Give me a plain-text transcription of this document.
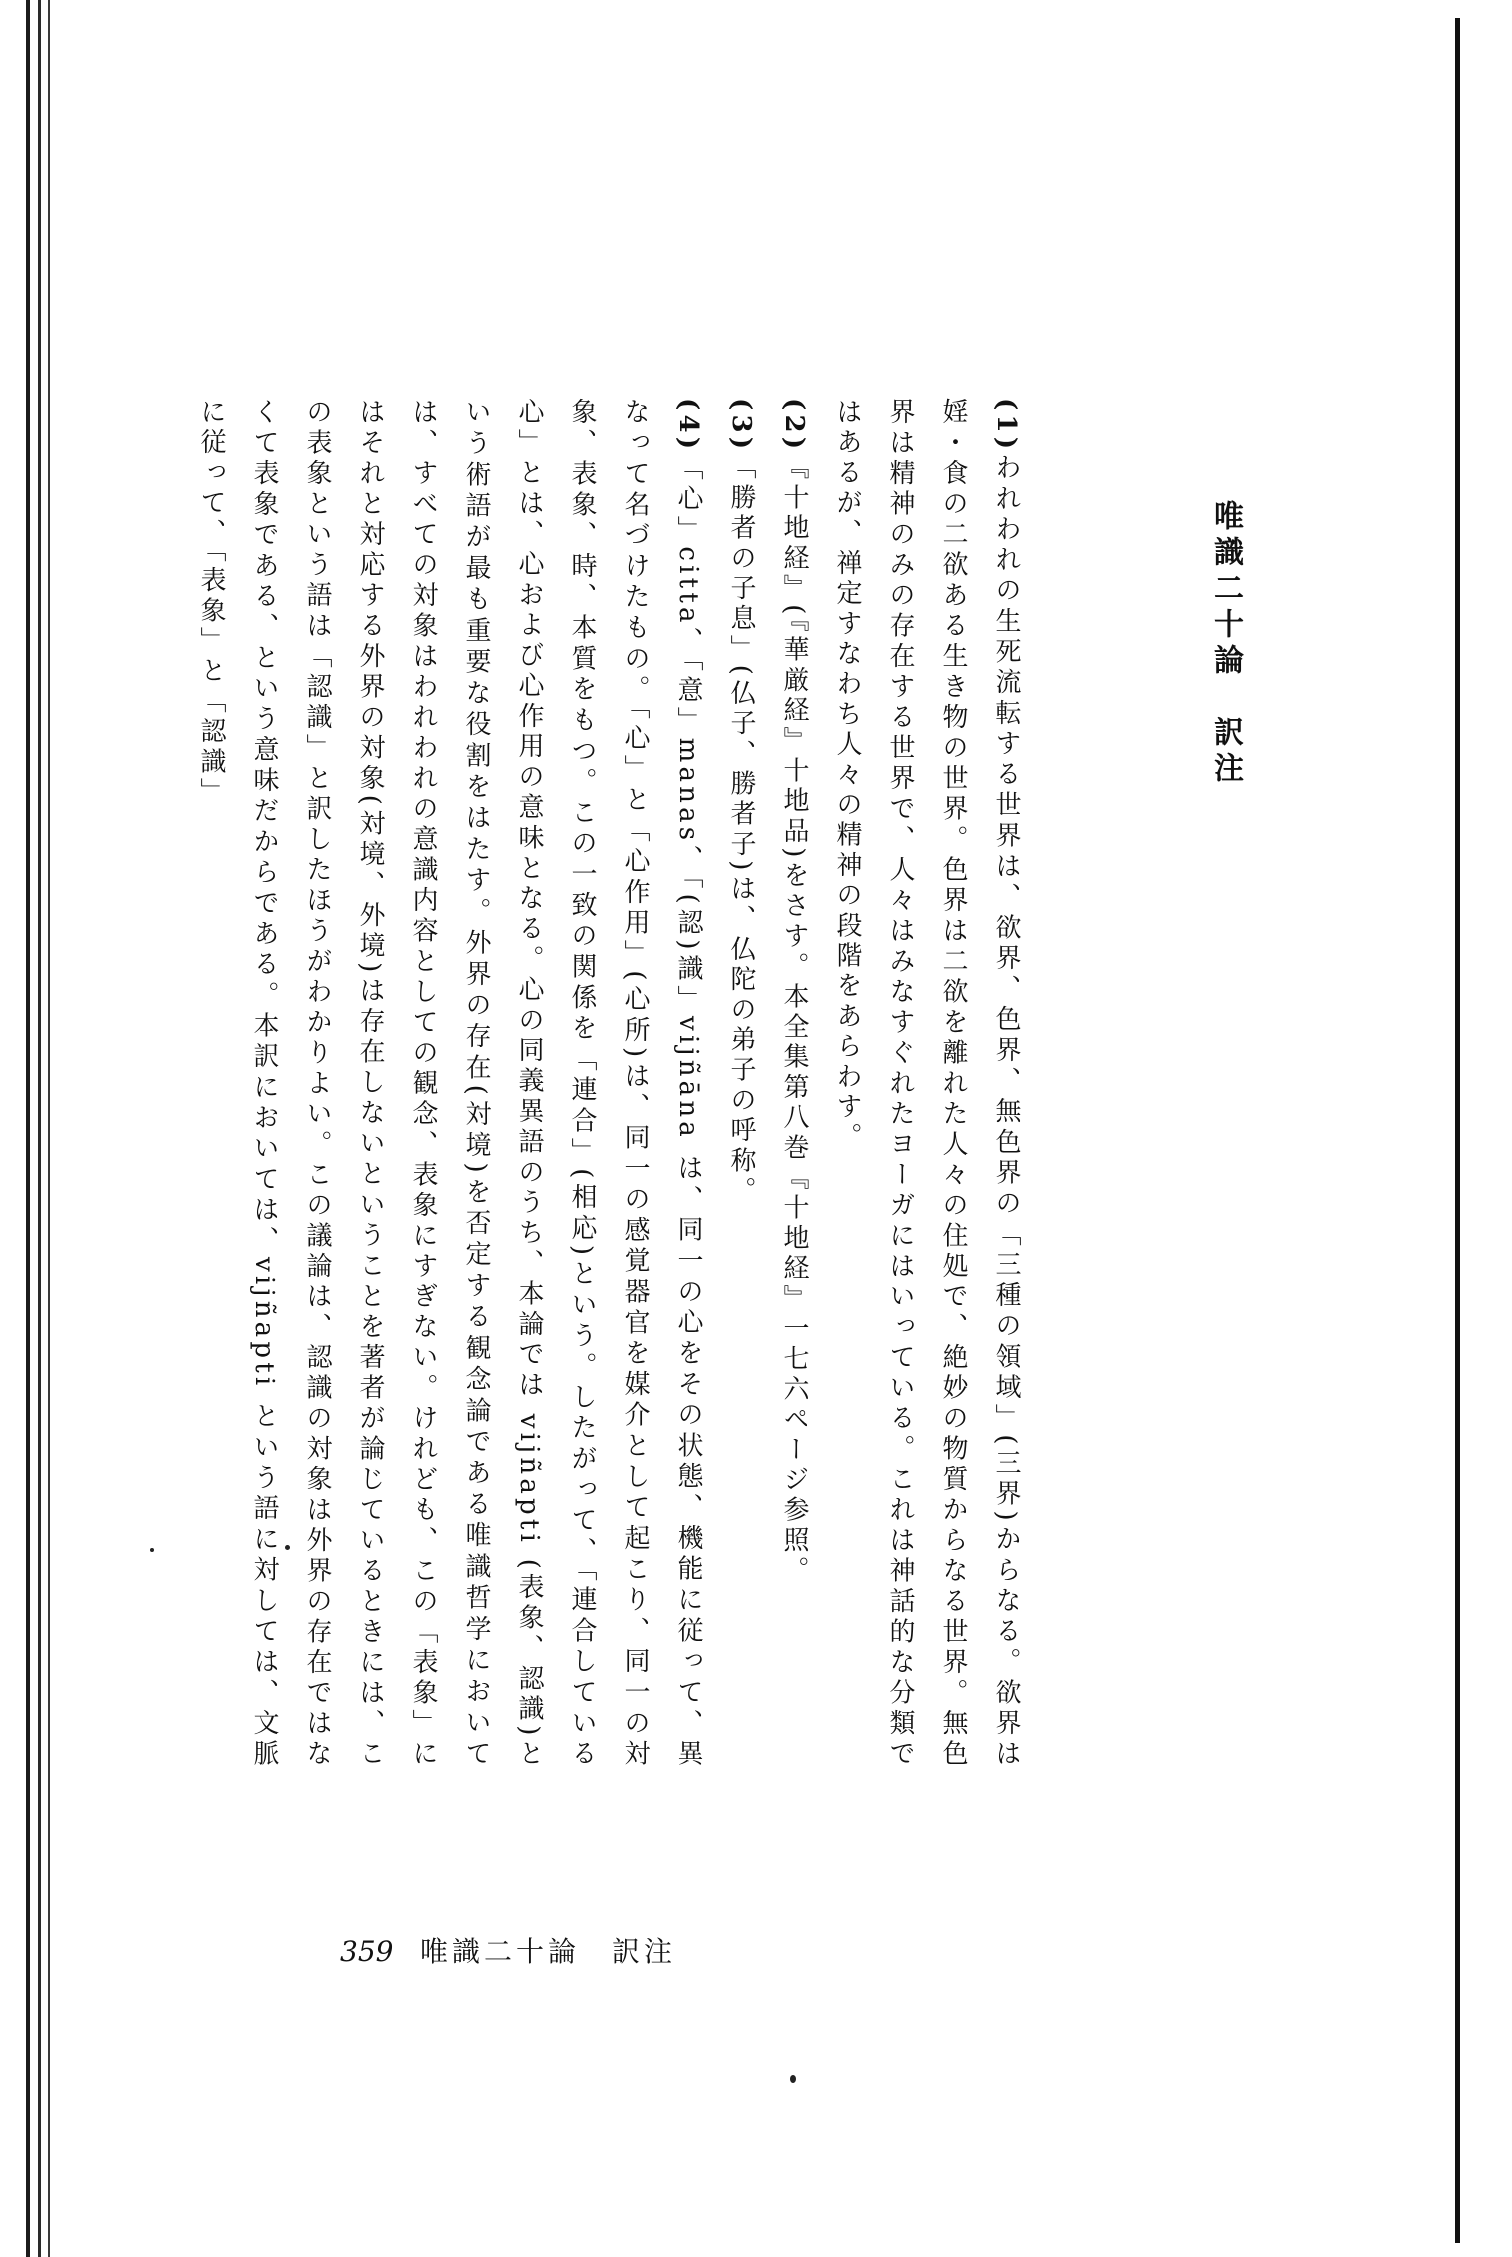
唯識二十論　訳注

(1)われわれの生死流転する世界は、欲界、色界、無色界の「三種の領域」(三界)からなる。欲界は婬・食の二欲ある生き物の世界。色界は二欲を離れた人々の住処で、絶妙の物質からなる世界。無色界は精神のみの存在する世界で、人々はみなすぐれたヨーガにはいっている。これは神話的な分類ではあるが、禅定すなわち人々の精神の段階をあらわす。

(2)『十地経』(『華厳経』十地品)をさす。本全集第八巻『十地経』一七六ページ参照。

(3)「勝者の子息」(仏子、勝者子)は、仏陀の弟子の呼称。

(4)「心」citta、「意」manas、「(認)識」vijñāna は、同一の心をその状態、機能に従って、異なって名づけたもの。「心」と「心作用」(心所)は、同一の感覚器官を媒介として起こり、同一の対象、表象、時、本質をもつ。この一致の関係を「連合」(相応)という。したがって、「連合している心」とは、心および心作用の意味となる。心の同義異語のうち、本論では vijñapti (表象、認識)という術語が最も重要な役割をはたす。外界の存在(対境)を否定する観念論である唯識哲学においては、すべての対象はわれわれの意識内容としての観念、表象にすぎない。けれども、この「表象」にはそれと対応する外界の対象(対境、外境)は存在しないということを著者が論じているときには、この表象という語は「認識」と訳したほうがわかりよい。この議論は、認識の対象は外界の存在ではなくて表象である、という意味だからである。本訳においては、vijñapti という語に対しては、文脈に従って、「表象」と「認識」

359 唯識二十論　訳注
